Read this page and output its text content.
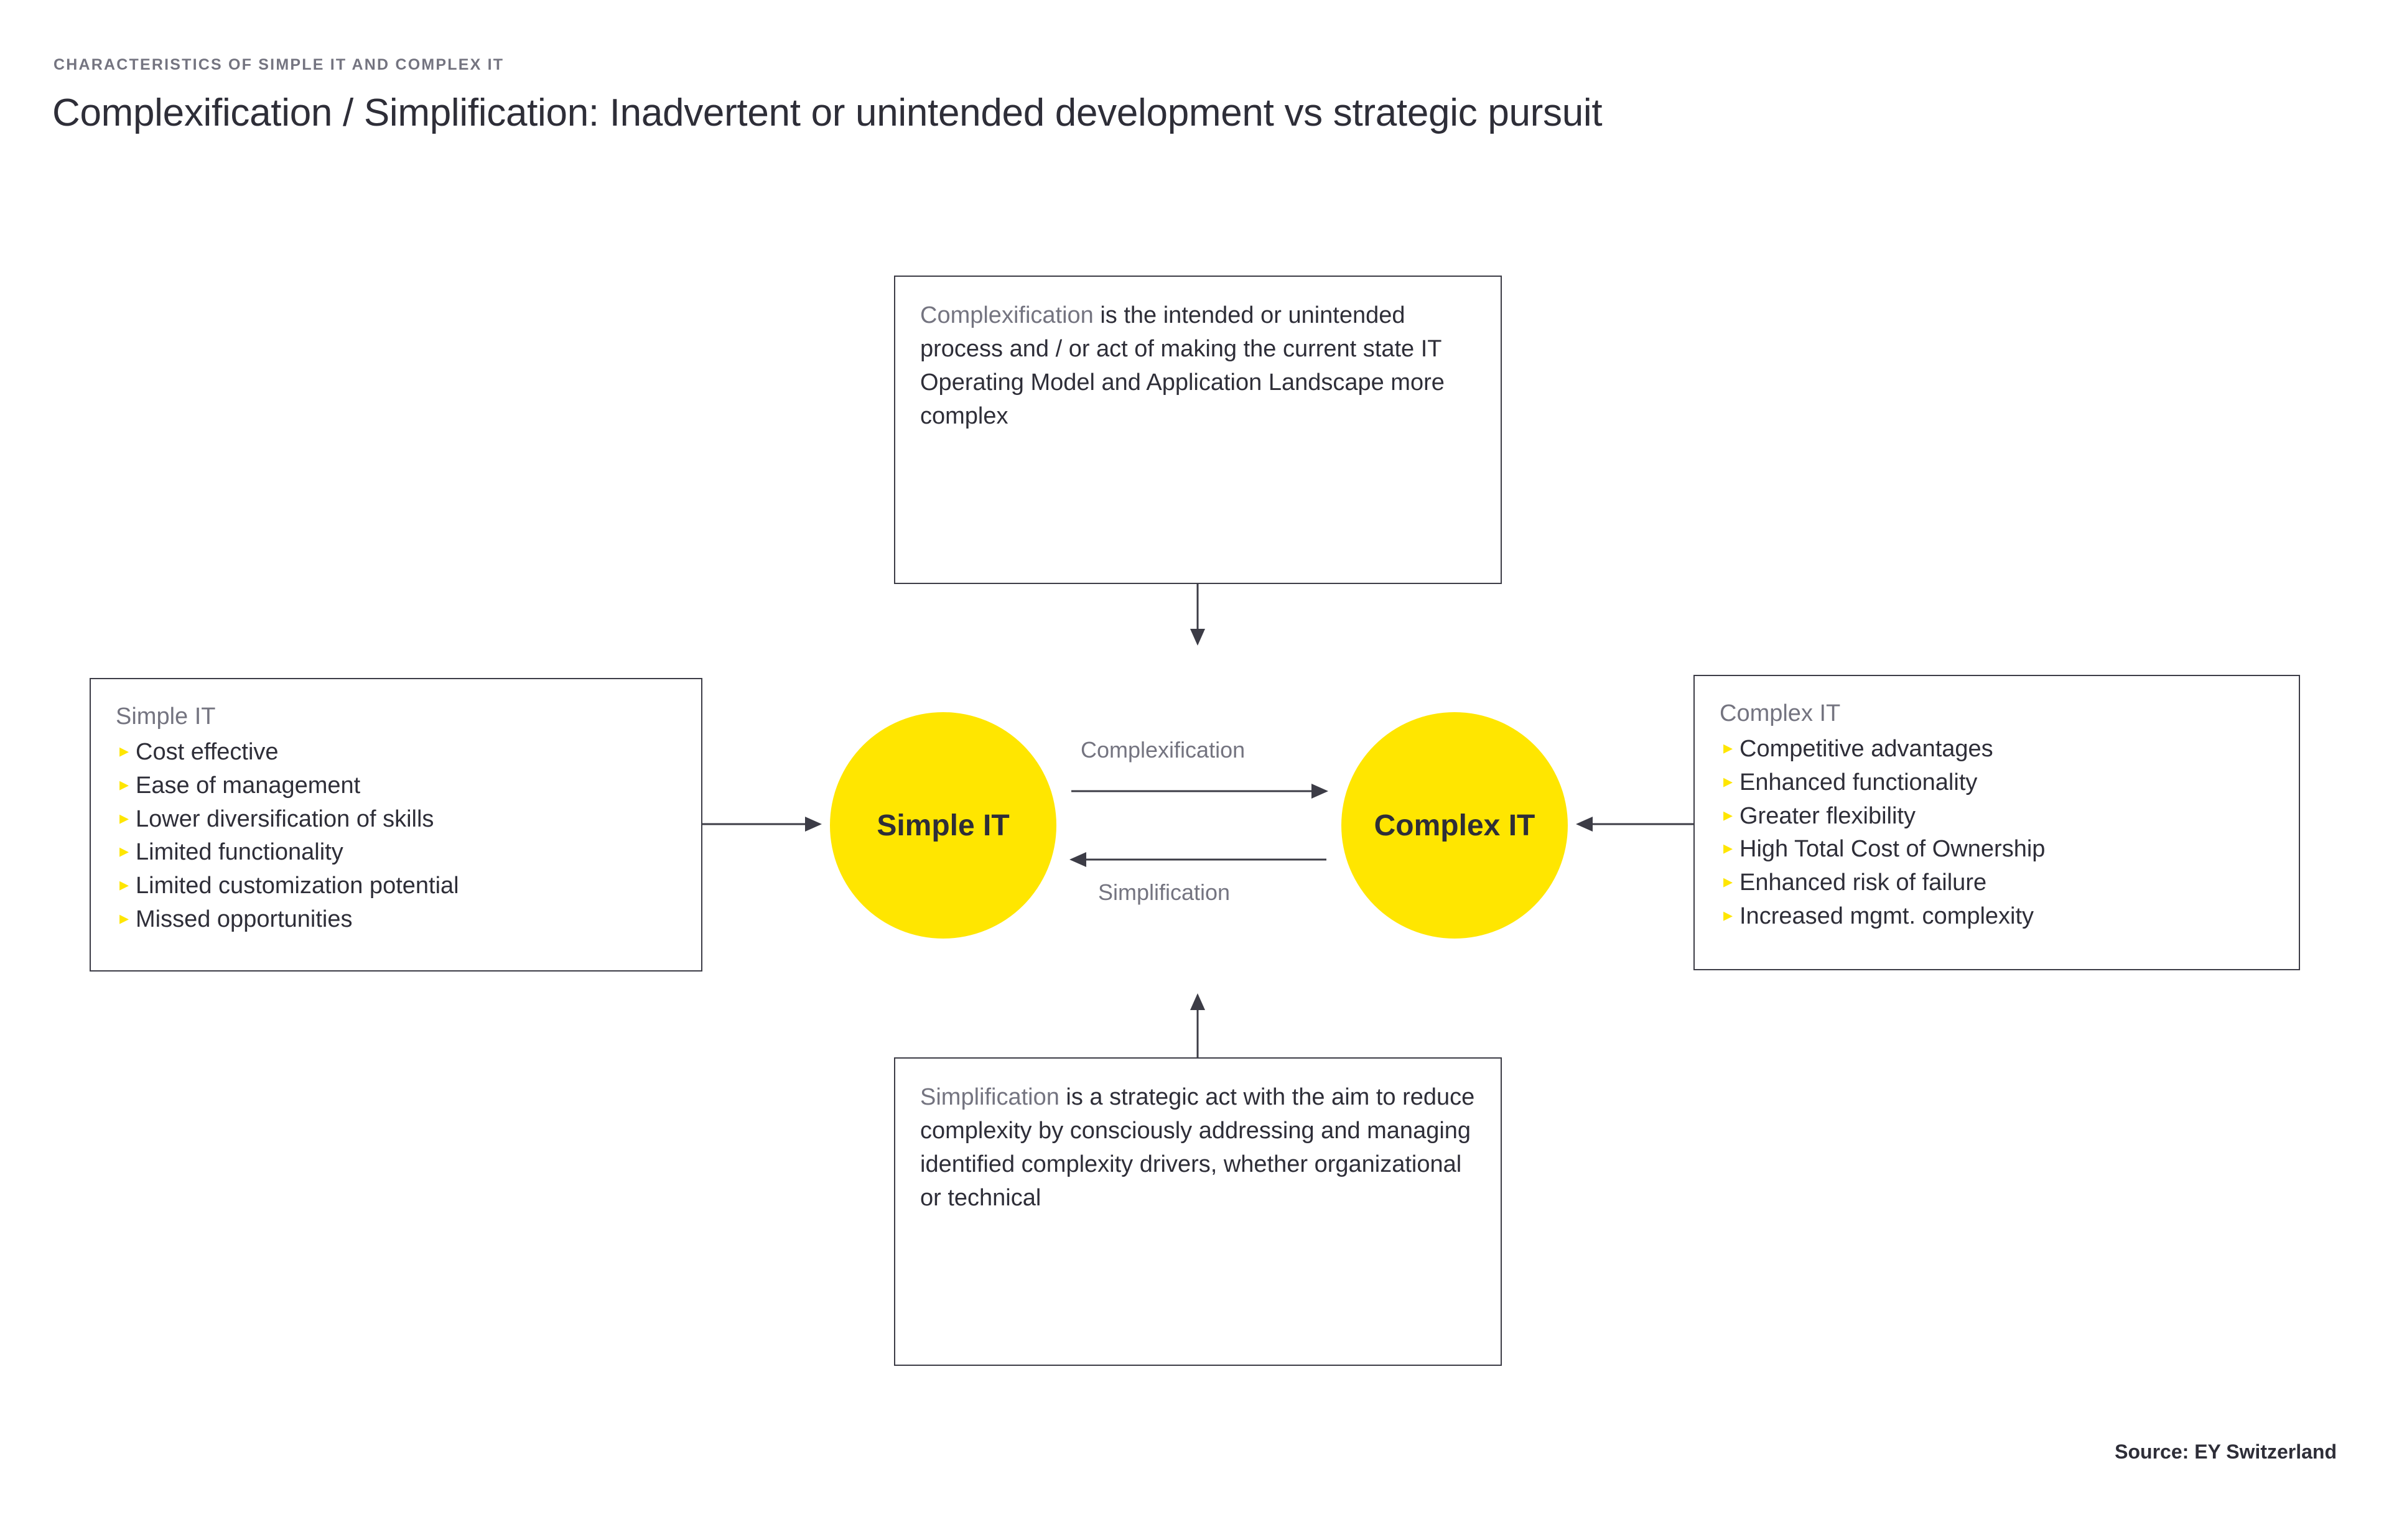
CHARACTERISTICS OF SIMPLE IT AND COMPLEX IT
Complexification / Simplification: Inadvertent or unintended development vs strategic pursuit
Complexification is the intended or unintended process and / or act of making the current state IT Operating Model and Application Landscape more complex
Simplification is a strategic act with the aim to reduce complexity by consciously addressing and managing identified complexity drivers, whether organizational or technical
Simple IT
▸ Cost effective
▸ Ease of management
▸ Lower diversification of skills
▸ Limited functionality
▸ Limited customization potential
▸ Missed opportunities
Complex IT
▸ Competitive advantages
▸ Enhanced functionality
▸ Greater flexibility
▸ High Total Cost of Ownership
▸ Enhanced risk of failure
▸ Increased mgmt. complexity
Simple IT	Complex IT
Complexification
Simplification
Source: EY Switzerland
